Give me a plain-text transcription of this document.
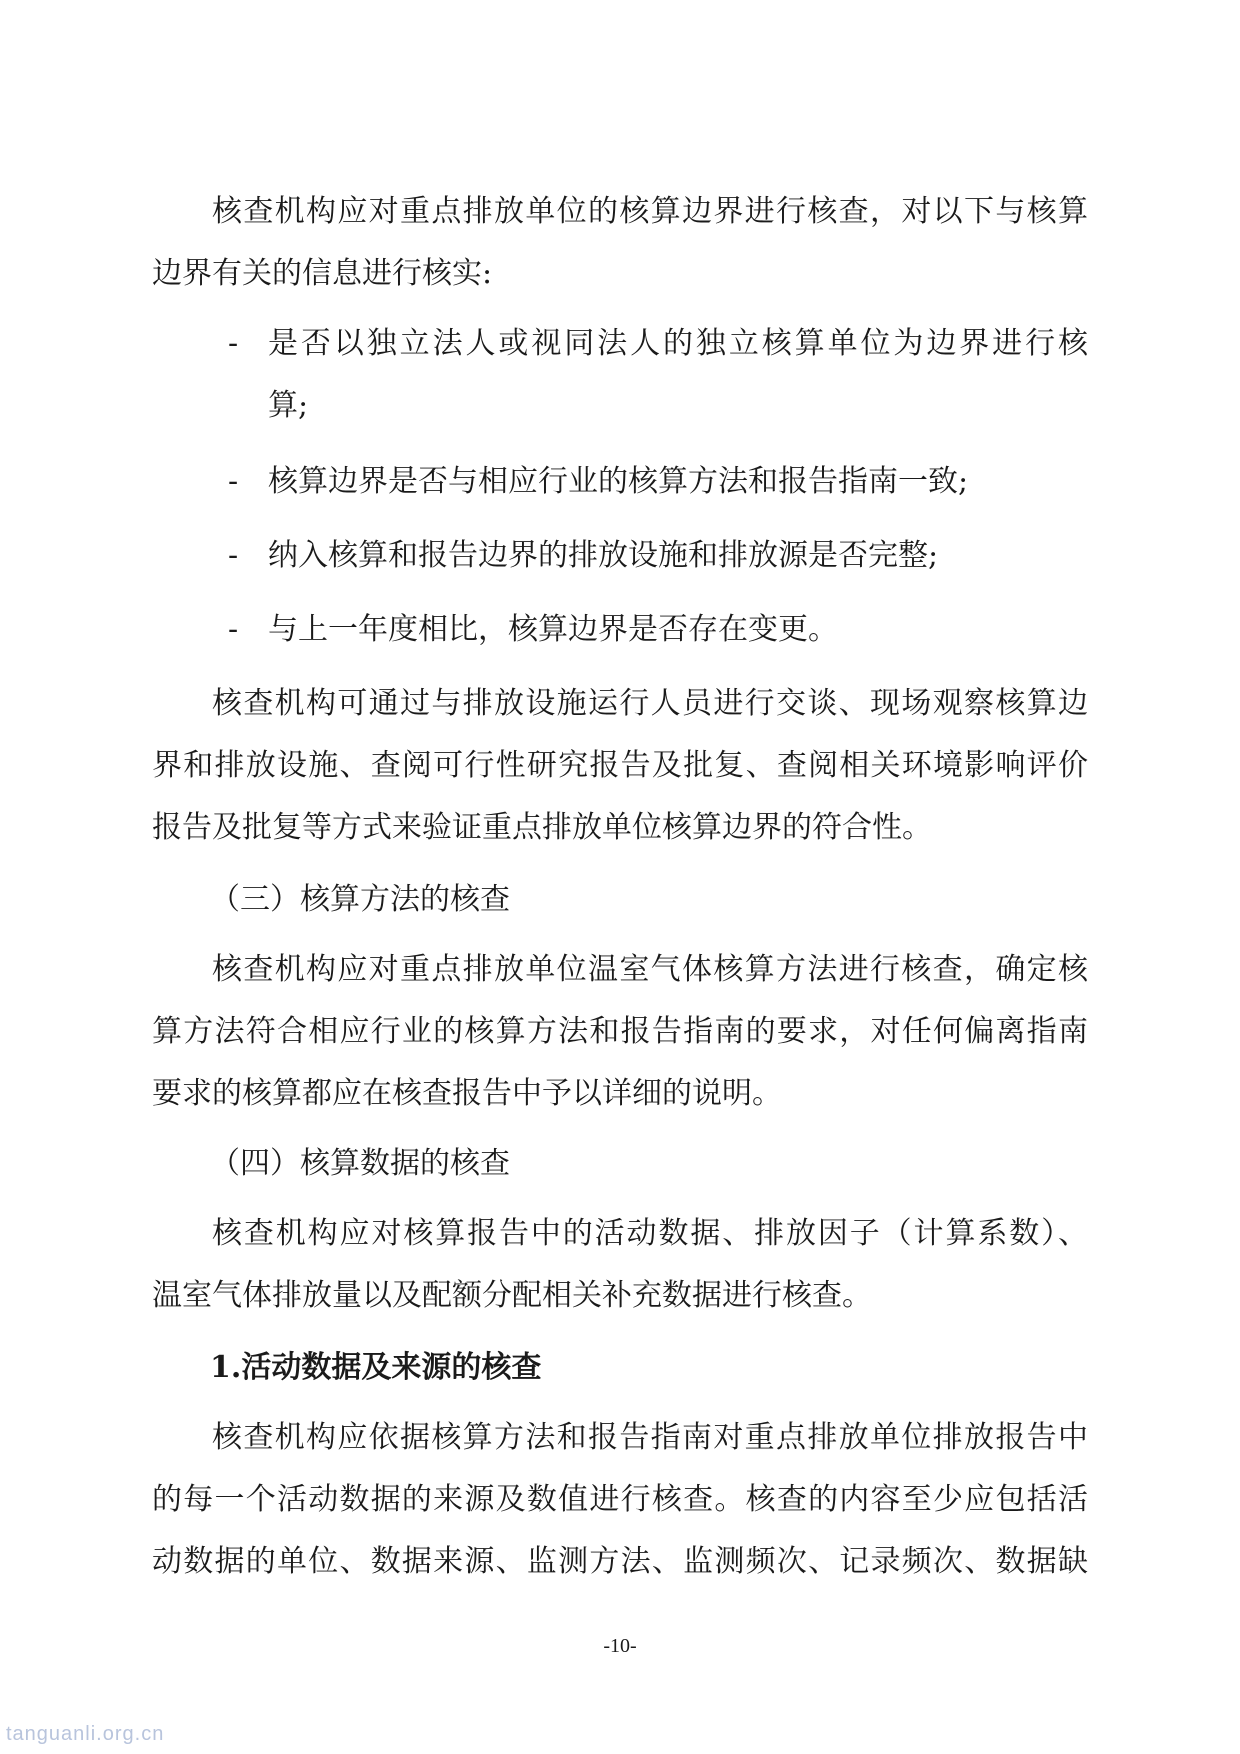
核查机构应对重点排放单位的核算边界进行核查，对以下与核算
边界有关的信息进行核实:
- 是否以独立法人或视同法人的独立核算单位为边界进行核
算;
- 核算边界是否与相应行业的核算方法和报告指南一致;
- 纳入核算和报告边界的排放设施和排放源是否完整;
- 与上一年度相比，核算边界是否存在变更。
核查机构可通过与排放设施运行人员进行交谈、现场观察核算边
界和排放设施、查阅可行性研究报告及批复、查阅相关环境影响评价
报告及批复等方式来验证重点排放单位核算边界的符合性。
（三）核算方法的核查
核查机构应对重点排放单位温室气体核算方法进行核查，确定核
算方法符合相应行业的核算方法和报告指南的要求，对任何偏离指南
要求的核算都应在核查报告中予以详细的说明。
（四）核算数据的核查
核查机构应对核算报告中的活动数据、排放因子（计算系数）、
温室气体排放量以及配额分配相关补充数据进行核查。
1.活动数据及来源的核查
核查机构应依据核算方法和报告指南对重点排放单位排放报告中
的每一个活动数据的来源及数值进行核查。核查的内容至少应包括活
动数据的单位、数据来源、监测方法、监测频次、记录频次、数据缺
-10-
tanguanli.org.cn
